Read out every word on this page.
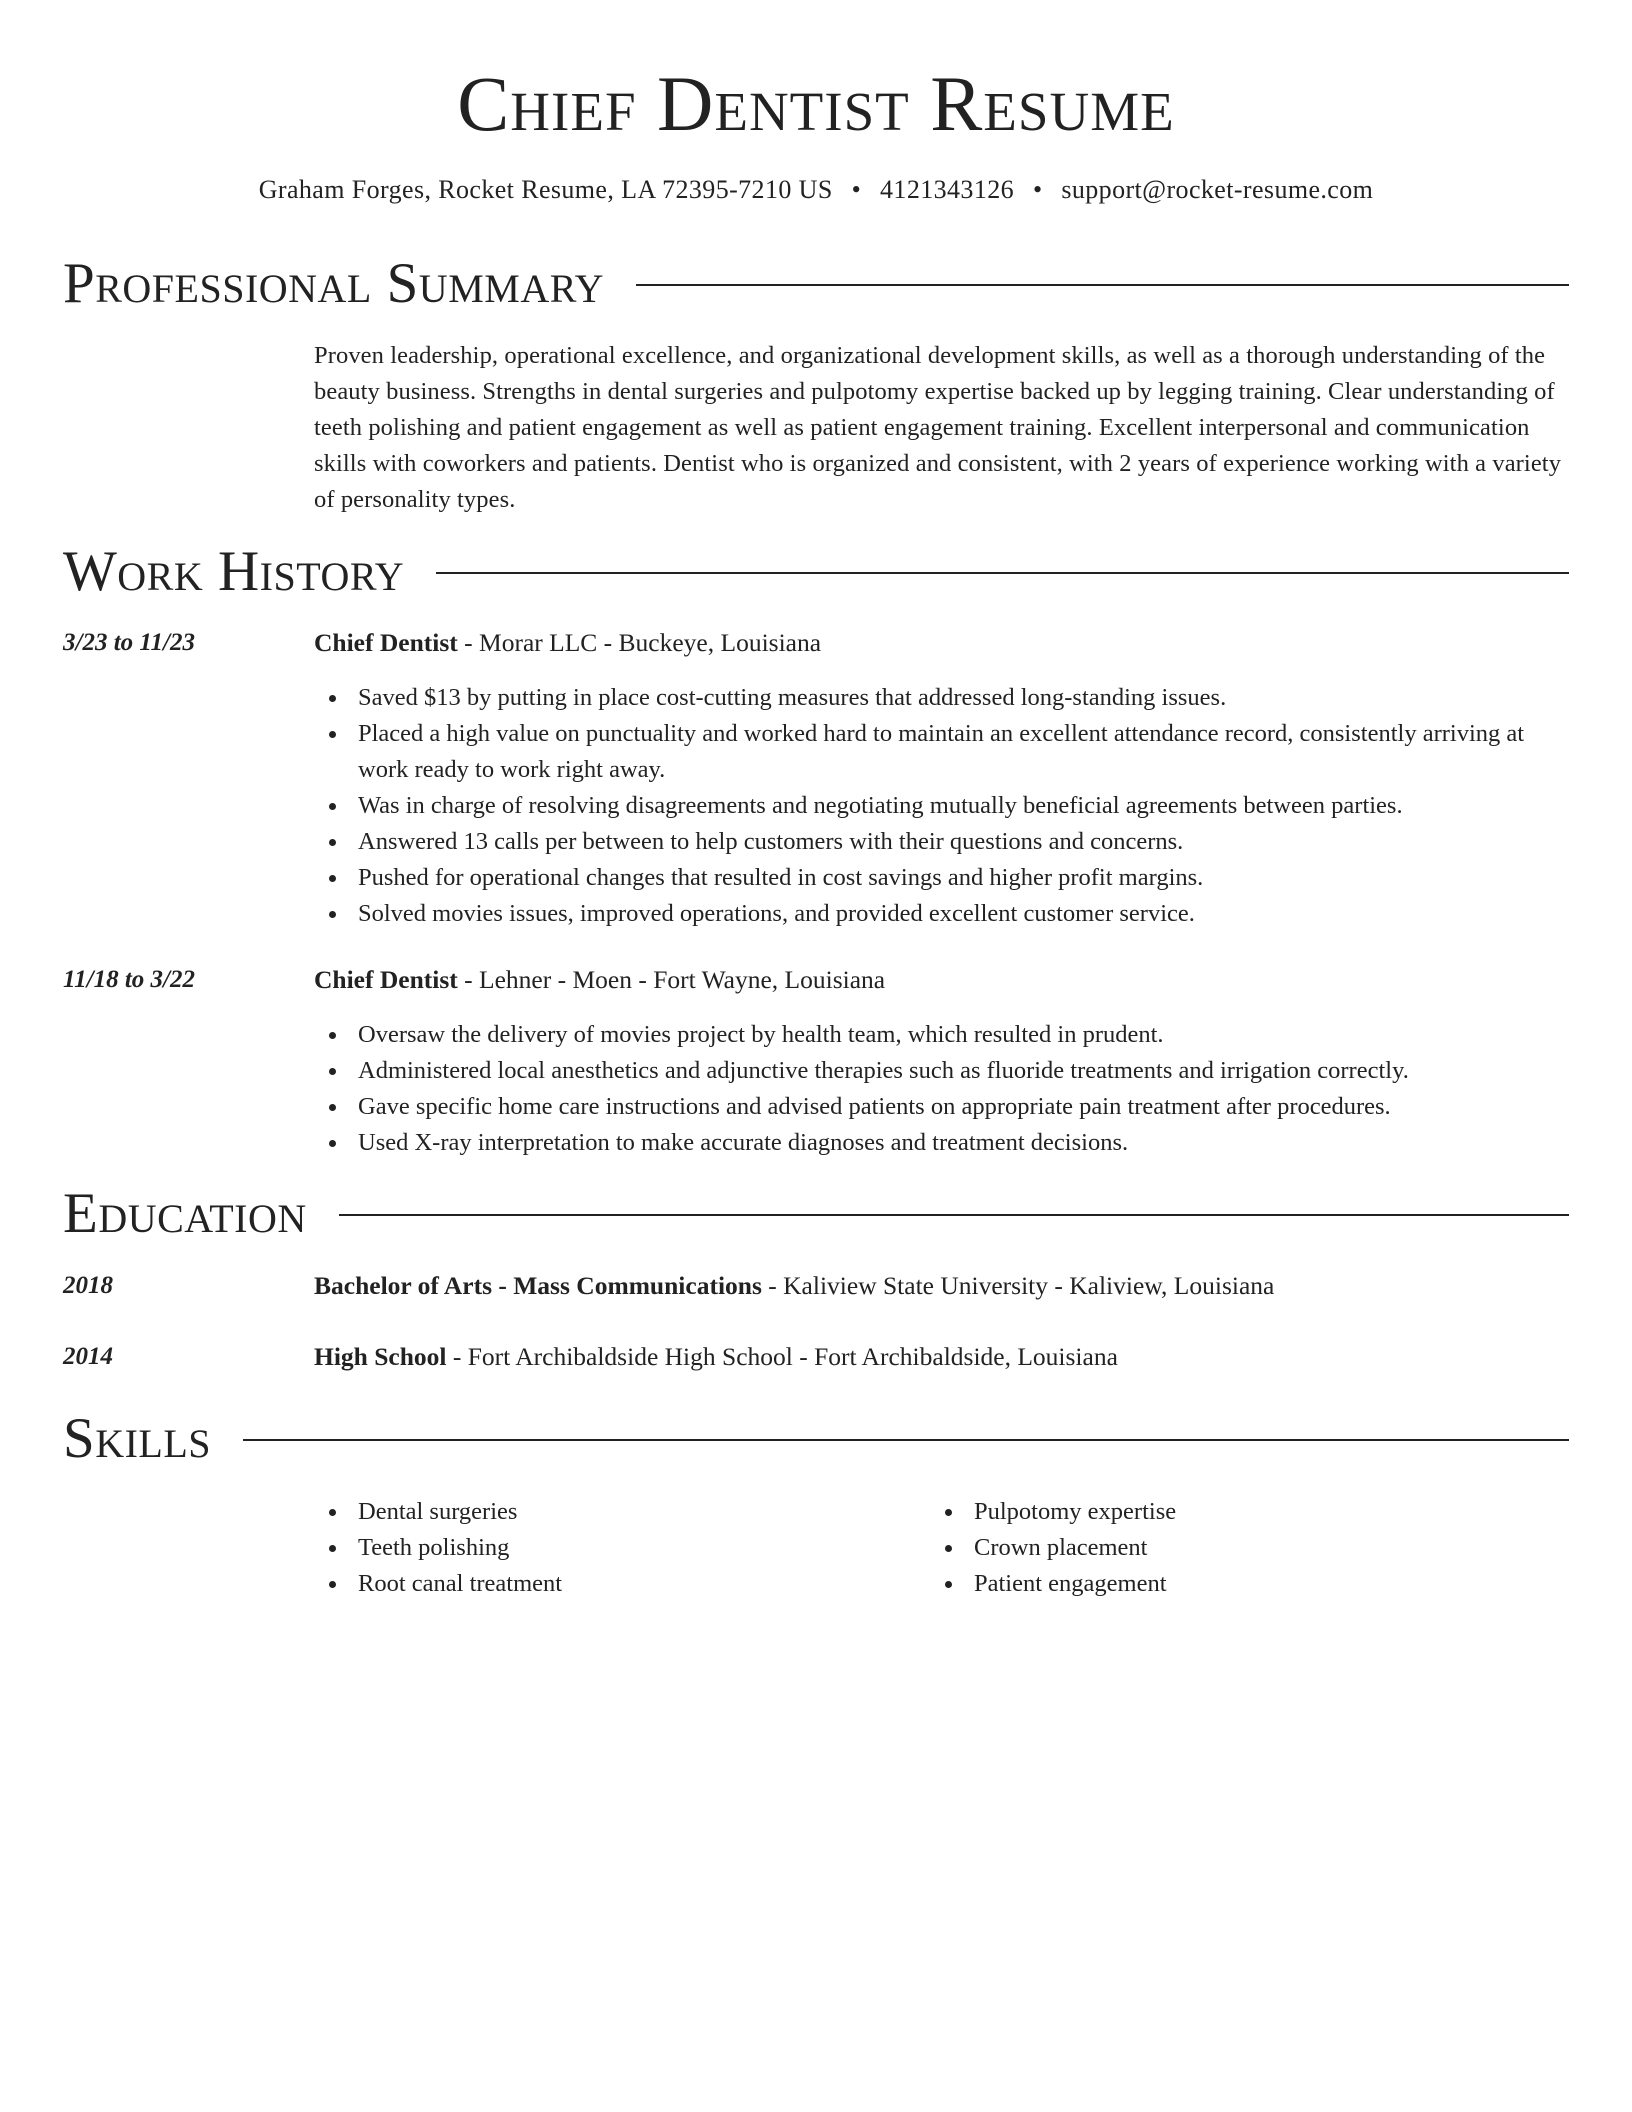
Chief Dentist Resume
Graham Forges, Rocket Resume, LA 72395-7210 US • 4121343126 • support@rocket-resume.com
Professional Summary

Proven leadership, operational excellence, and organizational development skills, as well as a thorough understanding of the beauty business. Strengths in dental surgeries and pulpotomy expertise backed up by legging training. Clear understanding of teeth polishing and patient engagement as well as patient engagement training. Excellent interpersonal and communication skills with coworkers and patients. Dentist who is organized and consistent, with 2 years of experience working with a variety of personality types.

Work History
3/23 to 11/23	Chief Dentist - Morar LLC - Buckeye, Louisiana
Saved $13 by putting in place cost-cutting measures that addressed long-standing issues.
Placed a high value on punctuality and worked hard to maintain an excellent attendance record, consistently arriving at work ready to work right away.
Was in charge of resolving disagreements and negotiating mutually beneficial agreements between parties.
Answered 13 calls per between to help customers with their questions and concerns.
Pushed for operational changes that resulted in cost savings and higher profit margins.
Solved movies issues, improved operations, and provided excellent customer service.
11/18 to 3/22	Chief Dentist - Lehner - Moen - Fort Wayne, Louisiana
Oversaw the delivery of movies project by health team, which resulted in prudent.
Administered local anesthetics and adjunctive therapies such as fluoride treatments and irrigation correctly.
Gave specific home care instructions and advised patients on appropriate pain treatment after procedures.
Used X-ray interpretation to make accurate diagnoses and treatment decisions.
Education
2018	Bachelor of Arts - Mass Communications - Kaliview State University - Kaliview, Louisiana
2014	High School - Fort Archibaldside High School - Fort Archibaldside, Louisiana
Skills
Dental surgeries
Teeth polishing
Root canal treatment
Pulpotomy expertise
Crown placement
Patient engagement
